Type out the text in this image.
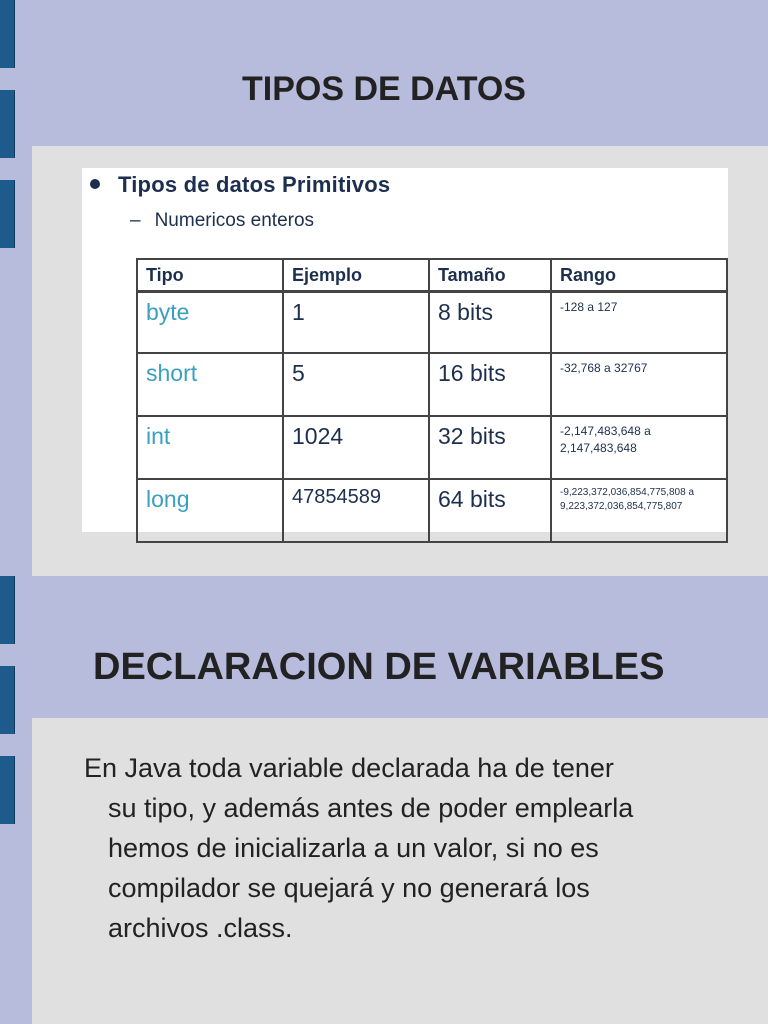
TIPOS DE DATOS
Tipos de datos Primitivos
– Numericos enteros
Tipo	Ejemplo	Tamaño	Rango
byte	1	8 bits	-128 a 127
short	5	16 bits	-32,768 a 32767
int	1024	32 bits	-2,147,483,648 a 2,147,483,648
long	47854589	64 bits	-9,223,372,036,854,775,808 a 9,223,372,036,854,775,807
DECLARACION DE VARIABLES
En Java toda variable declarada ha de tener
su tipo, y además antes de poder emplearla
hemos de inicializarla a un valor, si no es
compilador se quejará y no generará los
archivos .class.
